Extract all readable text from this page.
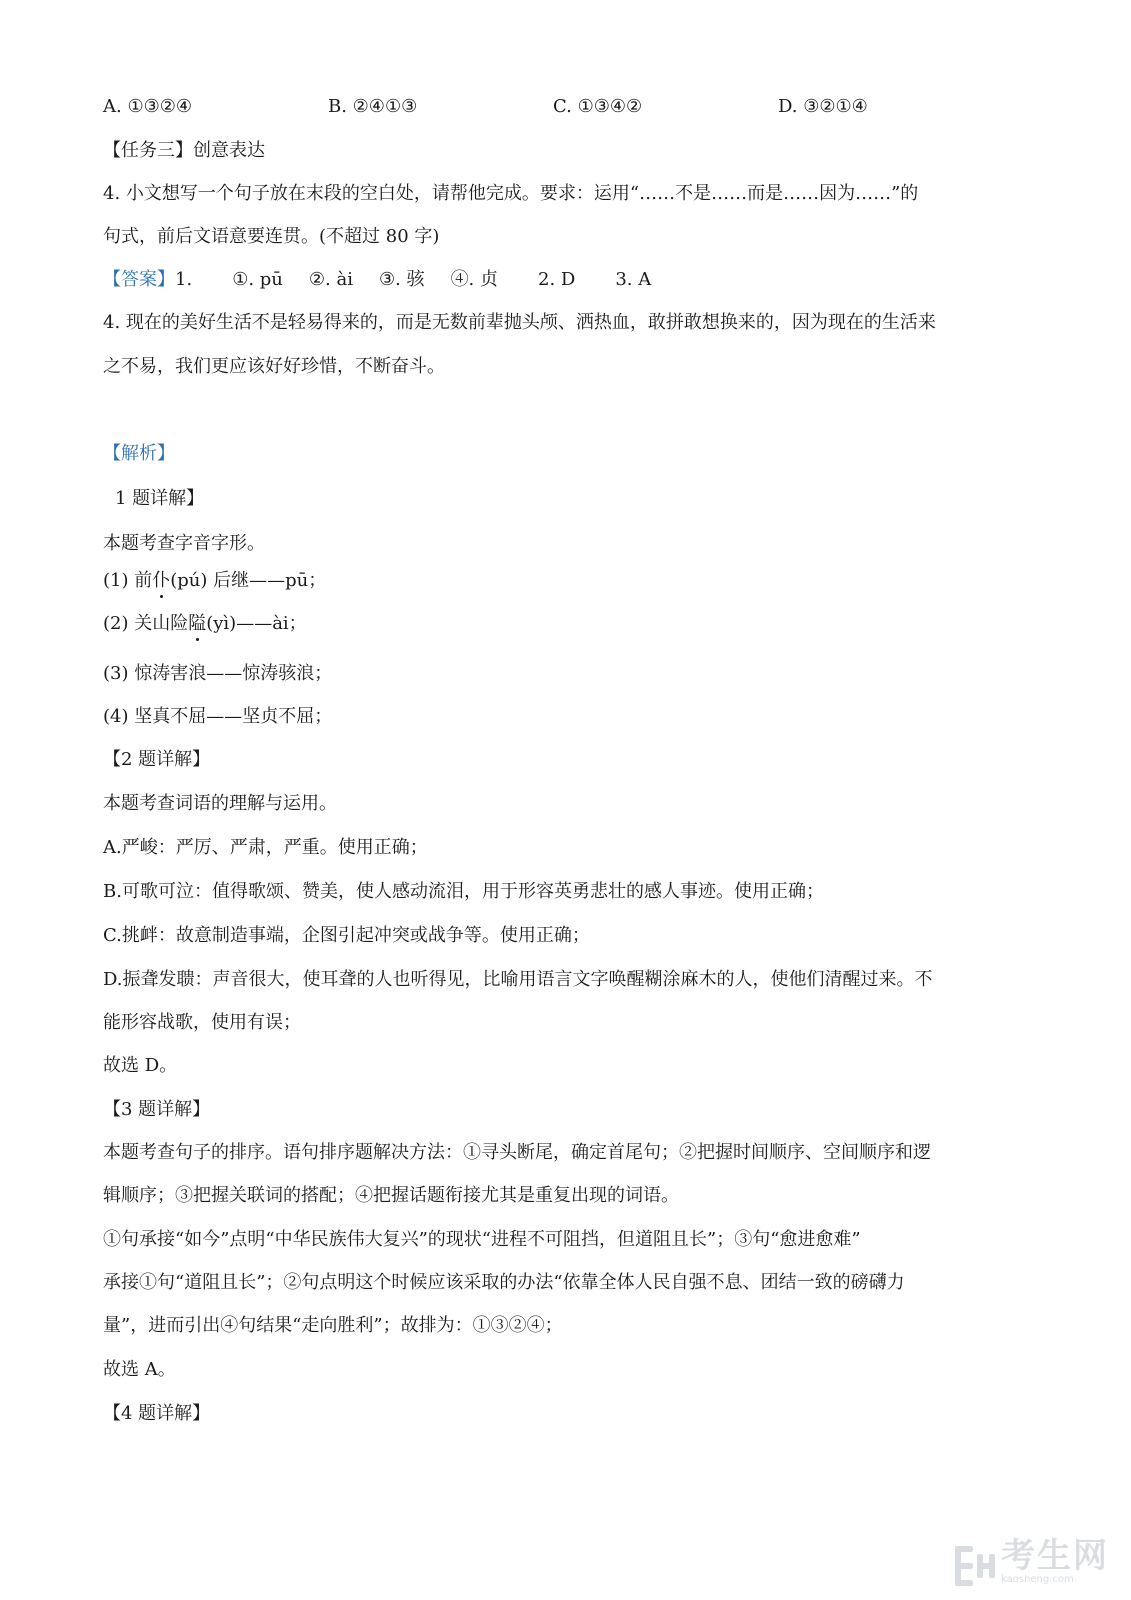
A. ①③②④	B. ②④①③	C. ①③④②	D. ③②①④
【任务三】创意表达
4. 小文想写一个句子放在末段的空白处，请帮他完成。要求：运用“……不是……而是……因为……”的
句式，前后文语意要连贯。(不超过 80 字)
【答案】1. ①. pū ②. ài ③. 骇 ④. 贞 2. D 3. A
4. 现在的美好生活不是轻易得来的，而是无数前辈抛头颅、洒热血，敢拼敢想换来的，因为现在的生活来
之不易，我们更应该好好珍惜，不断奋斗。
【解析】
1 题详解】
本题考查字音字形。
(1) 前仆(pú) 后继——pū；
(2) 关山险隘(yì)——ài；
(3) 惊涛害浪——惊涛骇浪；
(4) 坚真不屈——坚贞不屈；
【2 题详解】
本题考查词语的理解与运用。
A.严峻：严厉、严肃，严重。使用正确；
B.可歌可泣：值得歌颂、赞美，使人感动流泪，用于形容英勇悲壮的感人事迹。使用正确；
C.挑衅：故意制造事端，企图引起冲突或战争等。使用正确；
D.振聋发聩：声音很大，使耳聋的人也听得见，比喻用语言文字唤醒糊涂麻木的人，使他们清醒过来。不
能形容战歌，使用有误；
故选 D。
【3 题详解】
本题考查句子的排序。语句排序题解决方法：①寻头断尾，确定首尾句；②把握时间顺序、空间顺序和逻
辑顺序；③把握关联词的搭配；④把握话题衔接尤其是重复出现的词语。
①句承接“如今”点明“中华民族伟大复兴”的现状“进程不可阻挡，但道阻且长”；③句“愈进愈难”
承接①句“道阻且长”；②句点明这个时候应该采取的办法“依靠全体人民自强不息、团结一致的磅礴力
量”，进而引出④句结果“走向胜利”；故排为：①③②④；
故选 A。
【4 题详解】
考生网
kaosheng.com
